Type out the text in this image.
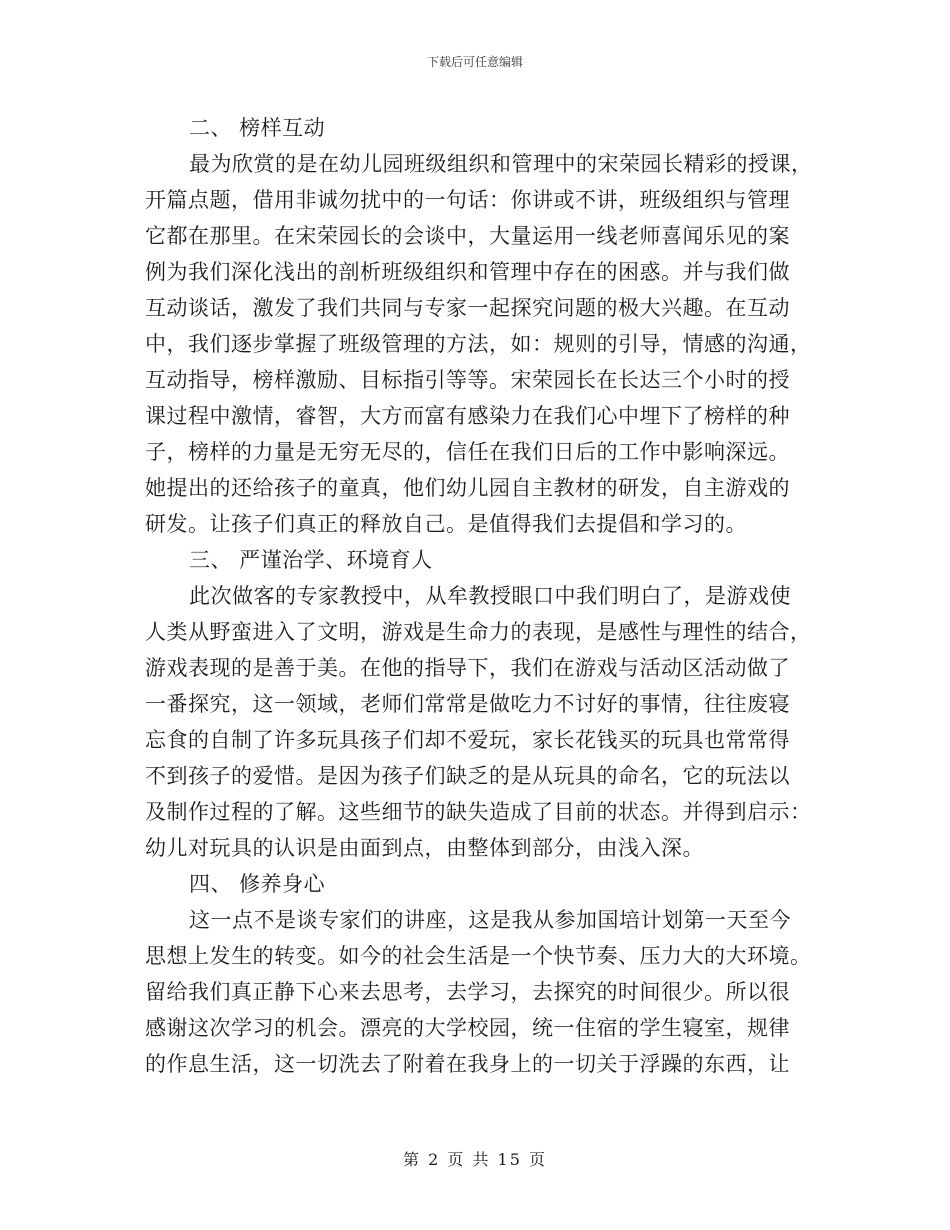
下载后可任意编辑
二、 榜样互动
最为欣赏的是在幼儿园班级组织和管理中的宋荣园长精彩的授课，
开篇点题，借用非诚勿扰中的一句话：你讲或不讲，班级组织与管理
它都在那里。在宋荣园长的会谈中，大量运用一线老师喜闻乐见的案
例为我们深化浅出的剖析班级组织和管理中存在的困惑。并与我们做
互动谈话，激发了我们共同与专家一起探究问题的极大兴趣。在互动
中，我们逐步掌握了班级管理的方法，如：规则的引导，情感的沟通，
互动指导，榜样激励、目标指引等等。宋荣园长在长达三个小时的授
课过程中激情，睿智，大方而富有感染力在我们心中埋下了榜样的种
子，榜样的力量是无穷无尽的，信任在我们日后的工作中影响深远。
她提出的还给孩子的童真，他们幼儿园自主教材的研发，自主游戏的
研发。让孩子们真正的释放自己。是值得我们去提倡和学习的。
三、 严谨治学、环境育人
此次做客的专家教授中，从牟教授眼口中我们明白了，是游戏使
人类从野蛮进入了文明，游戏是生命力的表现，是感性与理性的结合，
游戏表现的是善于美。在他的指导下，我们在游戏与活动区活动做了
一番探究，这一领域，老师们常常是做吃力不讨好的事情，往往废寝
忘食的自制了许多玩具孩子们却不爱玩，家长花钱买的玩具也常常得
不到孩子的爱惜。是因为孩子们缺乏的是从玩具的命名，它的玩法以
及制作过程的了解。这些细节的缺失造成了目前的状态。并得到启示：
幼儿对玩具的认识是由面到点，由整体到部分，由浅入深。
四、 修养身心
这一点不是谈专家们的讲座，这是我从参加国培计划第一天至今
思想上发生的转变。如今的社会生活是一个快节奏、压力大的大环境。
留给我们真正静下心来去思考，去学习，去探究的时间很少。所以很
感谢这次学习的机会。漂亮的大学校园，统一住宿的学生寝室，规律
的作息生活，这一切洗去了附着在我身上的一切关于浮躁的东西，让
第 2 页 共 15 页
